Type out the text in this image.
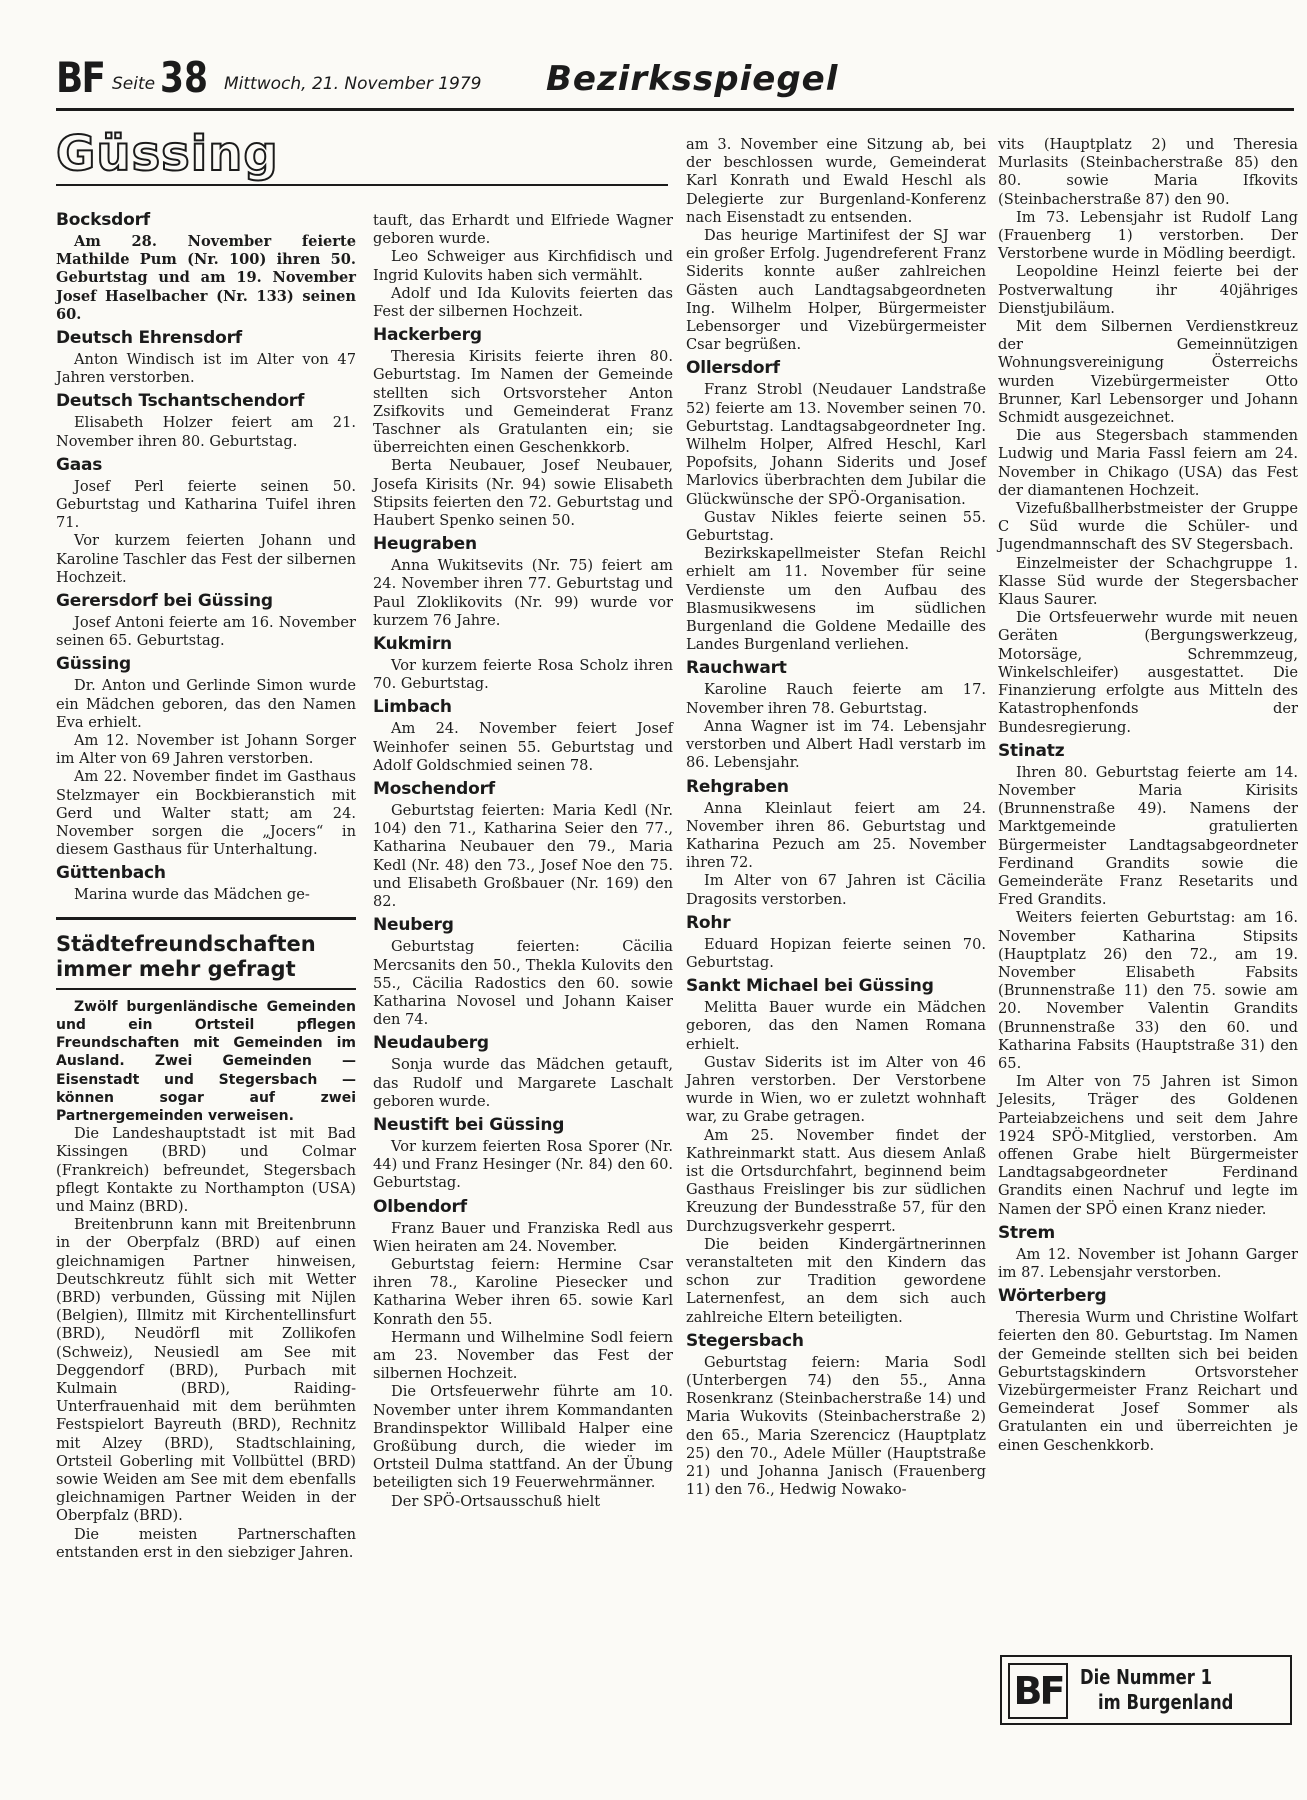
BF Seite 38 Mittwoch, 21. November 1979 Bezirksspiegel
Güssing
Bocksdorf

Am 28. November feierte Mathilde Pum (Nr. 100) ihren 50. Geburtstag und am 19. November Josef Haselbacher (Nr. 133) seinen 60.

Deutsch Ehrensdorf

Anton Windisch ist im Alter von 47 Jahren verstorben.

Deutsch Tschantschendorf

Elisabeth Holzer feiert am 21. November ihren 80. Geburtstag.

Gaas

Josef Perl feierte seinen 50. Geburtstag und Katharina Tuifel ihren 71.

Vor kurzem feierten Johann und Karoline Taschler das Fest der silbernen Hochzeit.

Gerersdorf bei Güssing

Josef Antoni feierte am 16. November seinen 65. Geburtstag.

Güssing

Dr. Anton und Gerlinde Simon wurde ein Mädchen geboren, das den Namen Eva erhielt.

Am 12. November ist Johann Sorger im Alter von 69 Jahren verstorben.

Am 22. November findet im Gasthaus Stelzmayer ein Bockbieranstich mit Gerd und Walter statt; am 24. November sorgen die „Jocers“ in diesem Gasthaus für Unterhaltung.

Güttenbach

Marina wurde das Mädchen ge-

Städtefreundschaften immer mehr gefragt

Zwölf burgenländische Gemeinden und ein Ortsteil pflegen Freundschaften mit Gemeinden im Ausland. Zwei Gemeinden — Eisenstadt und Stegersbach — können sogar auf zwei Partnergemeinden verweisen.

Die Landeshauptstadt ist mit Bad Kissingen (BRD) und Colmar (Frankreich) befreundet, Stegersbach pflegt Kontakte zu Northampton (USA) und Mainz (BRD).

Breitenbrunn kann mit Breitenbrunn in der Oberpfalz (BRD) auf einen gleichnamigen Partner hinweisen, Deutschkreutz fühlt sich mit Wetter (BRD) verbunden, Güssing mit Nijlen (Belgien), Illmitz mit Kirchentellinsfurt (BRD), Neudörfl mit Zollikofen (Schweiz), Neusiedl am See mit Deggendorf (BRD), Purbach mit Kulmain (BRD), Raiding-Unterfrauenhaid mit dem berühmten Festspielort Bayreuth (BRD), Rechnitz mit Alzey (BRD), Stadtschlaining, Ortsteil Goberling mit Vollbüttel (BRD) sowie Weiden am See mit dem ebenfalls gleichnamigen Partner Weiden in der Oberpfalz (BRD).

Die meisten Partnerschaften entstanden erst in den siebziger Jahren.

tauft, das Erhardt und Elfriede Wagner geboren wurde.

Leo Schweiger aus Kirchfidisch und Ingrid Kulovits haben sich vermählt.

Adolf und Ida Kulovits feierten das Fest der silbernen Hochzeit.

Hackerberg

Theresia Kirisits feierte ihren 80. Geburtstag. Im Namen der Gemeinde stellten sich Ortsvorsteher Anton Zsifkovits und Gemeinderat Franz Taschner als Gratulanten ein; sie überreichten einen Geschenkkorb.

Berta Neubauer, Josef Neubauer, Josefa Kirisits (Nr. 94) sowie Elisabeth Stipsits feierten den 72. Geburtstag und Haubert Spenko seinen 50.

Heugraben

Anna Wukitsevits (Nr. 75) feiert am 24. November ihren 77. Geburtstag und Paul Zloklikovits (Nr. 99) wurde vor kurzem 76 Jahre.

Kukmirn

Vor kurzem feierte Rosa Scholz ihren 70. Geburtstag.

Limbach

Am 24. November feiert Josef Weinhofer seinen 55. Geburtstag und Adolf Goldschmied seinen 78.

Moschendorf

Geburtstag feierten: Maria Kedl (Nr. 104) den 71., Katharina Seier den 77., Katharina Neubauer den 79., Maria Kedl (Nr. 48) den 73., Josef Noe den 75. und Elisabeth Großbauer (Nr. 169) den 82.

Neuberg

Geburtstag feierten: Cäcilia Mercsanits den 50., Thekla Kulovits den 55., Cäcilia Radostics den 60. sowie Katharina Novosel und Johann Kaiser den 74.

Neudauberg

Sonja wurde das Mädchen getauft, das Rudolf und Margarete Laschalt geboren wurde.

Neustift bei Güssing

Vor kurzem feierten Rosa Sporer (Nr. 44) und Franz Hesinger (Nr. 84) den 60. Geburtstag.

Olbendorf

Franz Bauer und Franziska Redl aus Wien heiraten am 24. November.

Geburtstag feiern: Hermine Csar ihren 78., Karoline Piesecker und Katharina Weber ihren 65. sowie Karl Konrath den 55.

Hermann und Wilhelmine Sodl feiern am 23. November das Fest der silbernen Hochzeit.

Die Ortsfeuerwehr führte am 10. November unter ihrem Kommandanten Brandinspektor Willibald Halper eine Großübung durch, die wieder im Ortsteil Dulma stattfand. An der Übung beteiligten sich 19 Feuerwehrmänner.

Der SPÖ-Ortsausschuß hielt

am 3. November eine Sitzung ab, bei der beschlossen wurde, Gemeinderat Karl Konrath und Ewald Heschl als Delegierte zur Burgenland-Konferenz nach Eisenstadt zu entsenden.

Das heurige Martinifest der SJ war ein großer Erfolg. Jugendreferent Franz Siderits konnte außer zahlreichen Gästen auch Landtagsabgeordneten Ing. Wilhelm Holper, Bürgermeister Lebensorger und Vizebürgermeister Csar begrüßen.

Ollersdorf

Franz Strobl (Neudauer Landstraße 52) feierte am 13. November seinen 70. Geburtstag. Landtagsabgeordneter Ing. Wilhelm Holper, Alfred Heschl, Karl Popofsits, Johann Siderits und Josef Marlovics überbrachten dem Jubilar die Glückwünsche der SPÖ-Organisation.

Gustav Nikles feierte seinen 55. Geburtstag.

Bezirkskapellmeister Stefan Reichl erhielt am 11. November für seine Verdienste um den Aufbau des Blasmusikwesens im südlichen Burgenland die Goldene Medaille des Landes Burgenland verliehen.

Rauchwart

Karoline Rauch feierte am 17. November ihren 78. Geburtstag.

Anna Wagner ist im 74. Lebensjahr verstorben und Albert Hadl verstarb im 86. Lebensjahr.

Rehgraben

Anna Kleinlaut feiert am 24. November ihren 86. Geburtstag und Katharina Pezuch am 25. November ihren 72.

Im Alter von 67 Jahren ist Cäcilia Dragosits verstorben.

Rohr

Eduard Hopizan feierte seinen 70. Geburtstag.

Sankt Michael bei Güssing

Melitta Bauer wurde ein Mädchen geboren, das den Namen Romana erhielt.

Gustav Siderits ist im Alter von 46 Jahren verstorben. Der Verstorbene wurde in Wien, wo er zuletzt wohnhaft war, zu Grabe getragen.

Am 25. November findet der Kathreinmarkt statt. Aus diesem Anlaß ist die Ortsdurchfahrt, beginnend beim Gasthaus Freislinger bis zur südlichen Kreuzung der Bundesstraße 57, für den Durchzugsverkehr gesperrt.

Die beiden Kindergärtnerinnen veranstalteten mit den Kindern das schon zur Tradition gewordene Laternenfest, an dem sich auch zahlreiche Eltern beteiligten.

Stegersbach

Geburtstag feiern: Maria Sodl (Unterbergen 74) den 55., Anna Rosenkranz (Steinbacherstraße 14) und Maria Wukovits (Steinbacherstraße 2) den 65., Maria Szerencicz (Hauptplatz 25) den 70., Adele Müller (Hauptstraße 21) und Johanna Janisch (Frauenberg 11) den 76., Hedwig Nowako-

vits (Hauptplatz 2) und Theresia Murlasits (Steinbacherstraße 85) den 80. sowie Maria Ifkovits (Steinbacherstraße 87) den 90.

Im 73. Lebensjahr ist Rudolf Lang (Frauenberg 1) verstorben. Der Verstorbene wurde in Mödling beerdigt.

Leopoldine Heinzl feierte bei der Postverwaltung ihr 40jähriges Dienstjubiläum.

Mit dem Silbernen Verdienstkreuz der Gemeinnützigen Wohnungsvereinigung Österreichs wurden Vizebürgermeister Otto Brunner, Karl Lebensorger und Johann Schmidt ausgezeichnet.

Die aus Stegersbach stammenden Ludwig und Maria Fassl feiern am 24. November in Chikago (USA) das Fest der diamantenen Hochzeit.

Vizefußballherbstmeister der Gruppe C Süd wurde die Schüler- und Jugendmannschaft des SV Stegersbach.

Einzelmeister der Schachgruppe 1. Klasse Süd wurde der Stegersbacher Klaus Saurer.

Die Ortsfeuerwehr wurde mit neuen Geräten (Bergungswerkzeug, Motorsäge, Schremmzeug, Winkelschleifer) ausgestattet. Die Finanzierung erfolgte aus Mitteln des Katastrophenfonds der Bundesregierung.

Stinatz

Ihren 80. Geburtstag feierte am 14. November Maria Kirisits (Brunnenstraße 49). Namens der Marktgemeinde gratulierten Bürgermeister Landtagsabgeordneter Ferdinand Grandits sowie die Gemeinderäte Franz Resetarits und Fred Grandits.

Weiters feierten Geburtstag: am 16. November Katharina Stipsits (Hauptplatz 26) den 72., am 19. November Elisabeth Fabsits (Brunnenstraße 11) den 75. sowie am 20. November Valentin Grandits (Brunnenstraße 33) den 60. und Katharina Fabsits (Hauptstraße 31) den 65.

Im Alter von 75 Jahren ist Simon Jelesits, Träger des Goldenen Parteiabzeichens und seit dem Jahre 1924 SPÖ-Mitglied, verstorben. Am offenen Grabe hielt Bürgermeister Landtagsabgeordneter Ferdinand Grandits einen Nachruf und legte im Namen der SPÖ einen Kranz nieder.

Strem

Am 12. November ist Johann Garger im 87. Lebensjahr verstorben.

Wörterberg

Theresia Wurm und Christine Wolfart feierten den 80. Geburtstag. Im Namen der Gemeinde stellten sich bei beiden Geburtstagskindern Ortsvorsteher Vizebürgermeister Franz Reichart und Gemeinderat Josef Sommer als Gratulanten ein und überreichten je einen Geschenkkorb.

BF Die Nummer 1
im Burgenland
